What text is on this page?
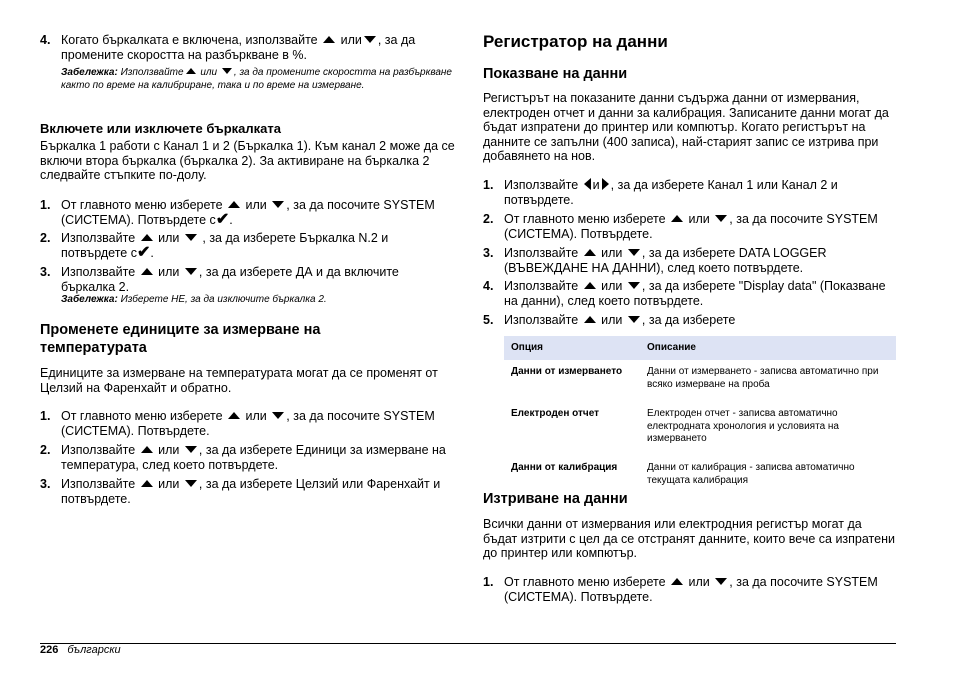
4. Когато бъркалката е включена, използвайте или , за да промените скоростта на разбъркване в %.
Забележка: Използвайте или , за да промените скоростта на разбъркване както по време на калибриране, така и по време на измерване.
Включете или изключете бъркалката
Бъркалка 1 работи с Канал 1 и 2 (Бъркалка 1). Към канал 2 може да се включи втора бъркалка (бъркалка 2). За активиране на бъркалка 2 следвайте стъпките по-долу.
1. От главното меню изберете или , за да посочите SYSTEM (СИСТЕМА). Потвърдете с✔.
2. Използвайте или , за да изберете Бъркалка N.2 и потвърдете с✔.
3. Използвайте или , за да изберете ДА и да включите бъркалка 2.
Забележка: Изберете НЕ, за да изключите бъркалка 2.
Променете единиците за измерване на температурата
Единиците за измерване на температурата могат да се променят от Целзий на Фаренхайт и обратно.
1. От главното меню изберете или , за да посочите SYSTEM (СИСТЕМА). Потвърдете.
2. Използвайте или , за да изберете Единици за измерване на температура, след което потвърдете.
3. Използвайте или , за да изберете Целзий или Фаренхайт и потвърдете.
Регистратор на данни
Показване на данни
Регистърът на показаните данни съдържа данни от измервания, електроден отчет и данни за калибрация. Записаните данни могат да бъдат изпратени до принтер или компютър. Когато регистърът на данните се запълни (400 записа), най-старият запис се изтрива при добавянето на нов.
1. Използвайте и , за да изберете Канал 1 или Канал 2 и потвърдете.
2. От главното меню изберете или , за да посочите SYSTEM (СИСТЕМА). Потвърдете.
3. Използвайте или , за да изберете DATA LOGGER (ВЪВЕЖДАНЕ НА ДАННИ), след което потвърдете.
4. Използвайте или , за да изберете "Display data" (Показване на данни), след което потвърдете.
5. Използвайте или , за да изберете
Опция	Описание
Данни от измерването	Данни от измерването - записва автоматично при всяко измерване на проба
Електроден отчет	Електроден отчет - записва автоматично електродната хронология и условията на измерването
Данни от калибрация	Данни от калибрация - записва автоматично текущата калибрация
Изтриване на данни
Всички данни от измервания или електродния регистър могат да бъдат изтрити с цел да се отстранят данните, които вече са изпратени до принтер или компютър.
1. От главното меню изберете или , за да посочите SYSTEM (СИСТЕМА). Потвърдете.
226 български
